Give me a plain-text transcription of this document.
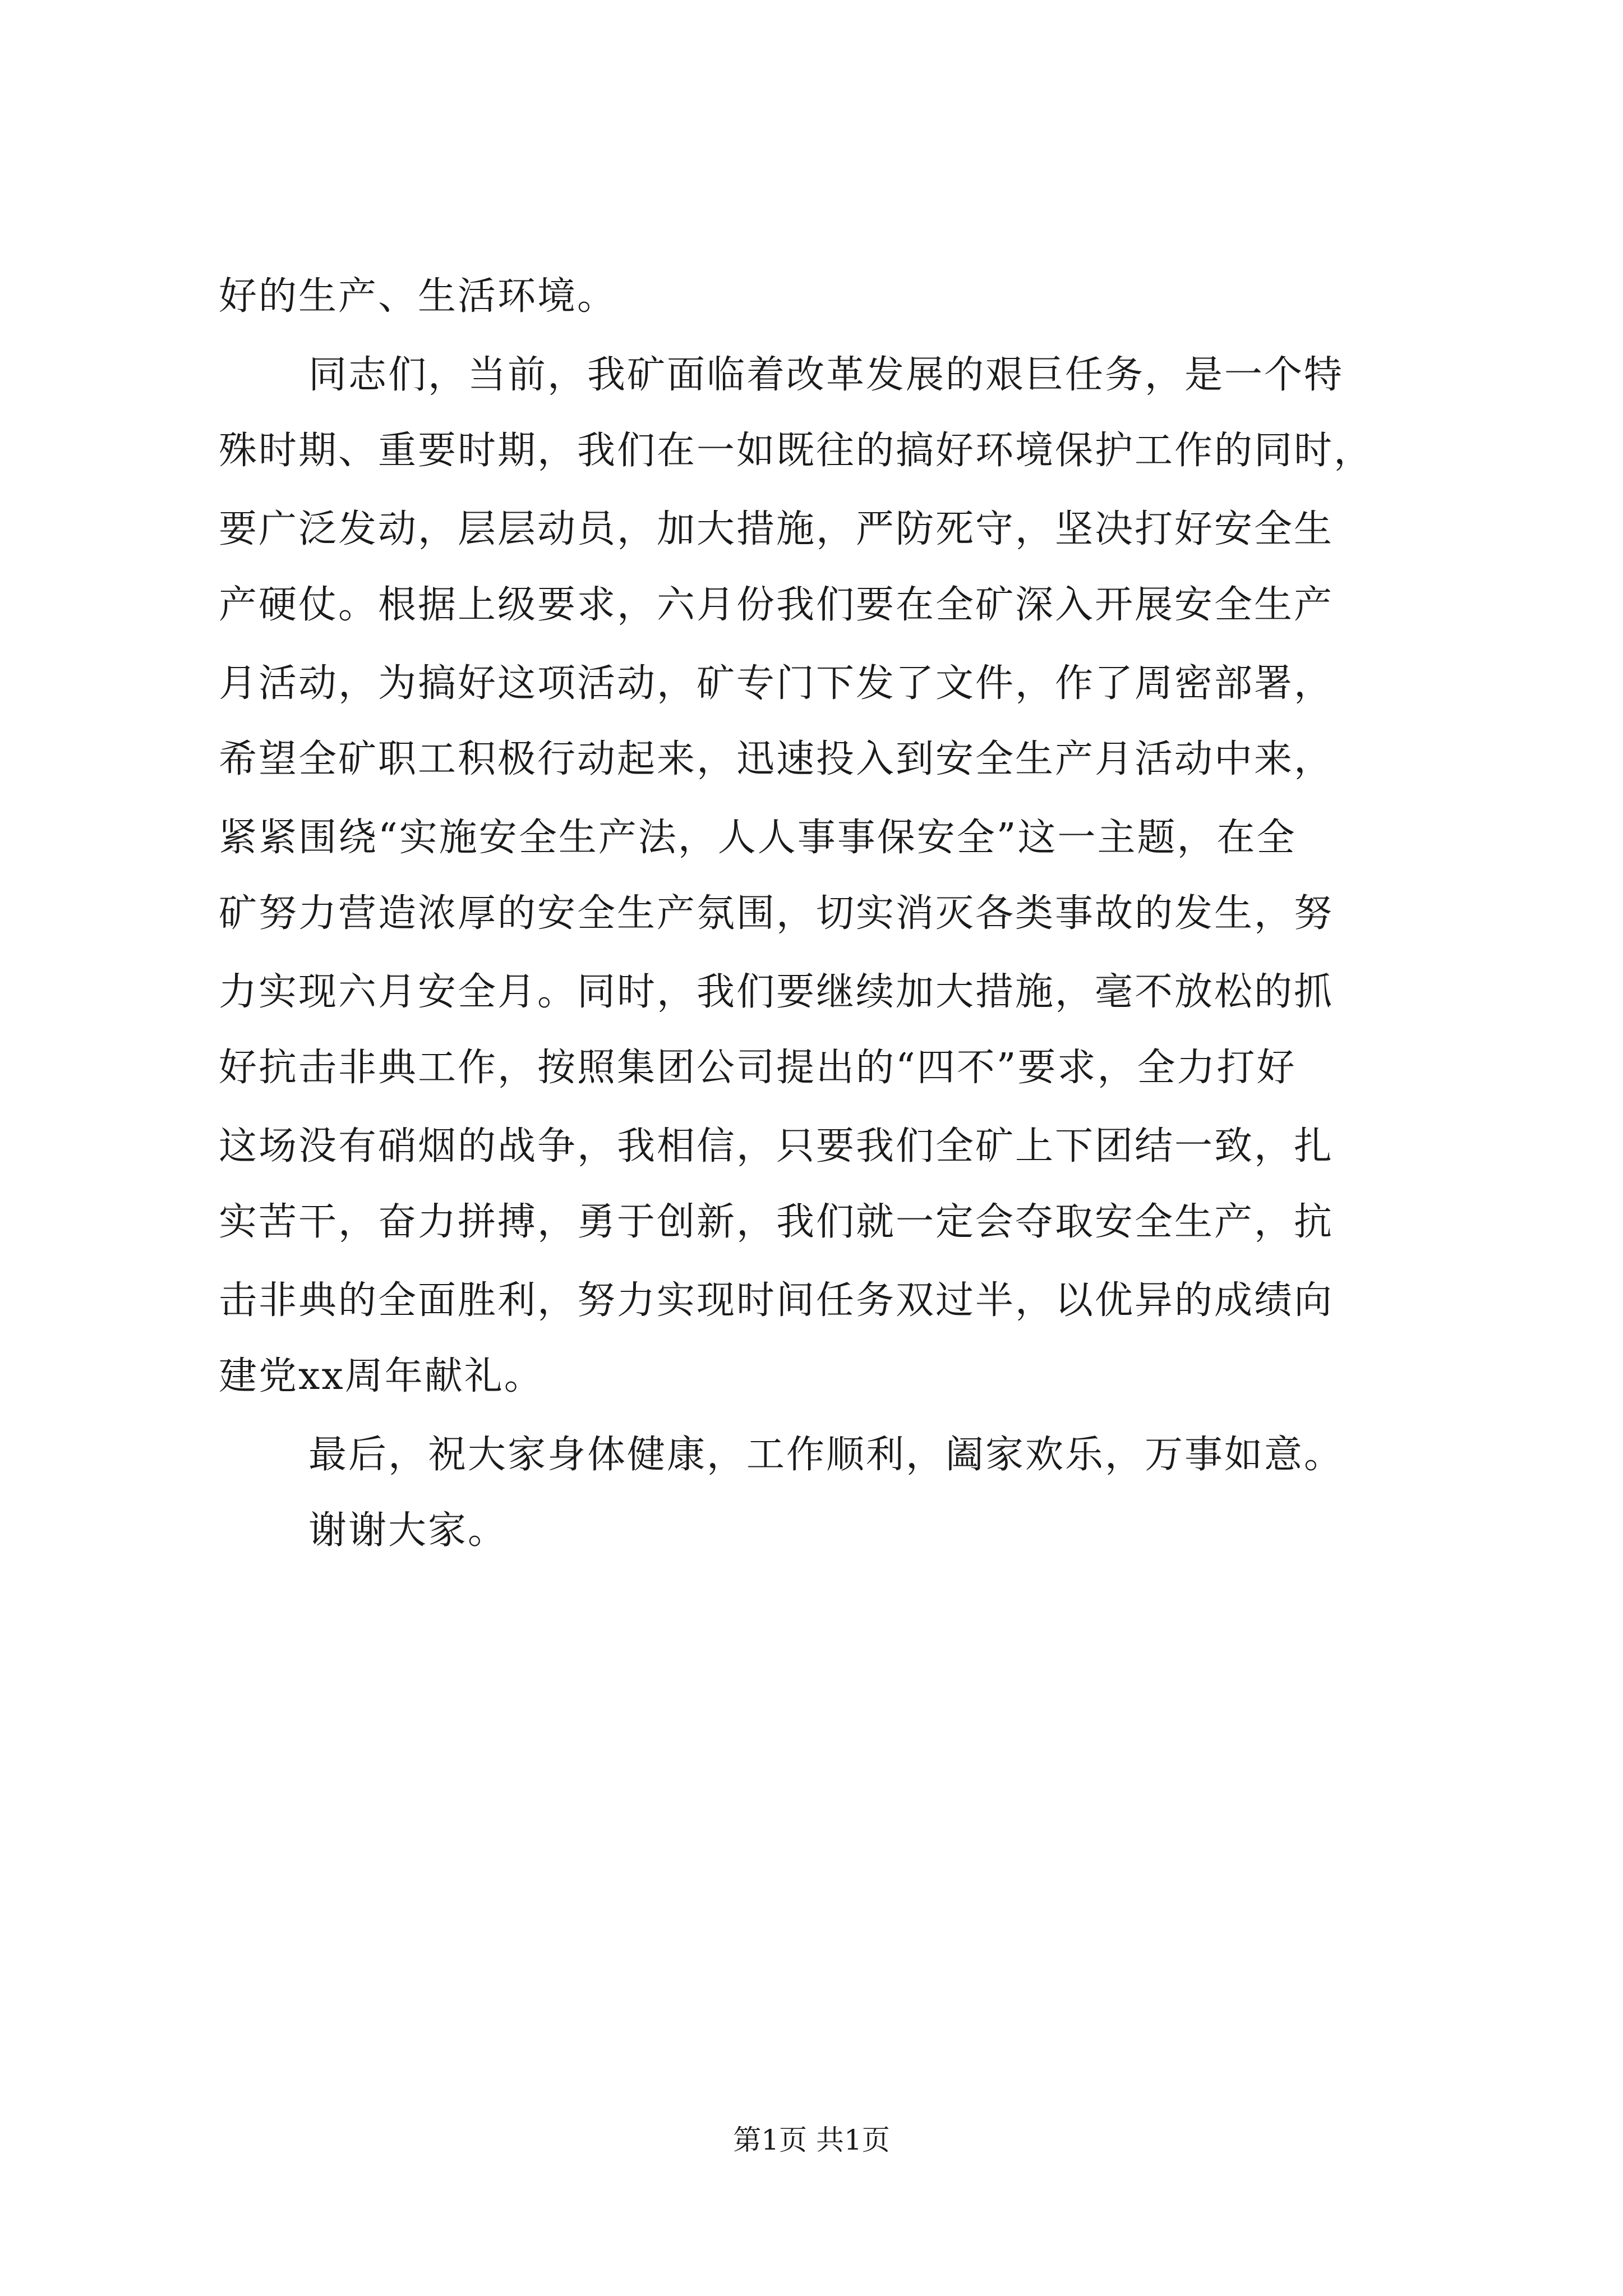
好的生产、生活环境。
同志们，当前，我矿面临着改革发展的艰巨任务，是一个特
殊时期、重要时期，我们在一如既往的搞好环境保护工作的同时，
要广泛发动，层层动员，加大措施，严防死守，坚决打好安全生
产硬仗。根据上级要求，六月份我们要在全矿深入开展安全生产
月活动，为搞好这项活动，矿专门下发了文件，作了周密部署，
希望全矿职工积极行动起来，迅速投入到安全生产月活动中来，
紧紧围绕“实施安全生产法，人人事事保安全”这一主题，在全
矿努力营造浓厚的安全生产氛围，切实消灭各类事故的发生，努
力实现六月安全月。同时，我们要继续加大措施，毫不放松的抓
好抗击非典工作，按照集团公司提出的“四不”要求，全力打好
这场没有硝烟的战争，我相信，只要我们全矿上下团结一致，扎
实苦干，奋力拼搏，勇于创新，我们就一定会夺取安全生产，抗
击非典的全面胜利，努力实现时间任务双过半，以优异的成绩向
建党xx周年献礼。
最后，祝大家身体健康，工作顺利，阖家欢乐，万事如意。
谢谢大家。
第1页 共1页
